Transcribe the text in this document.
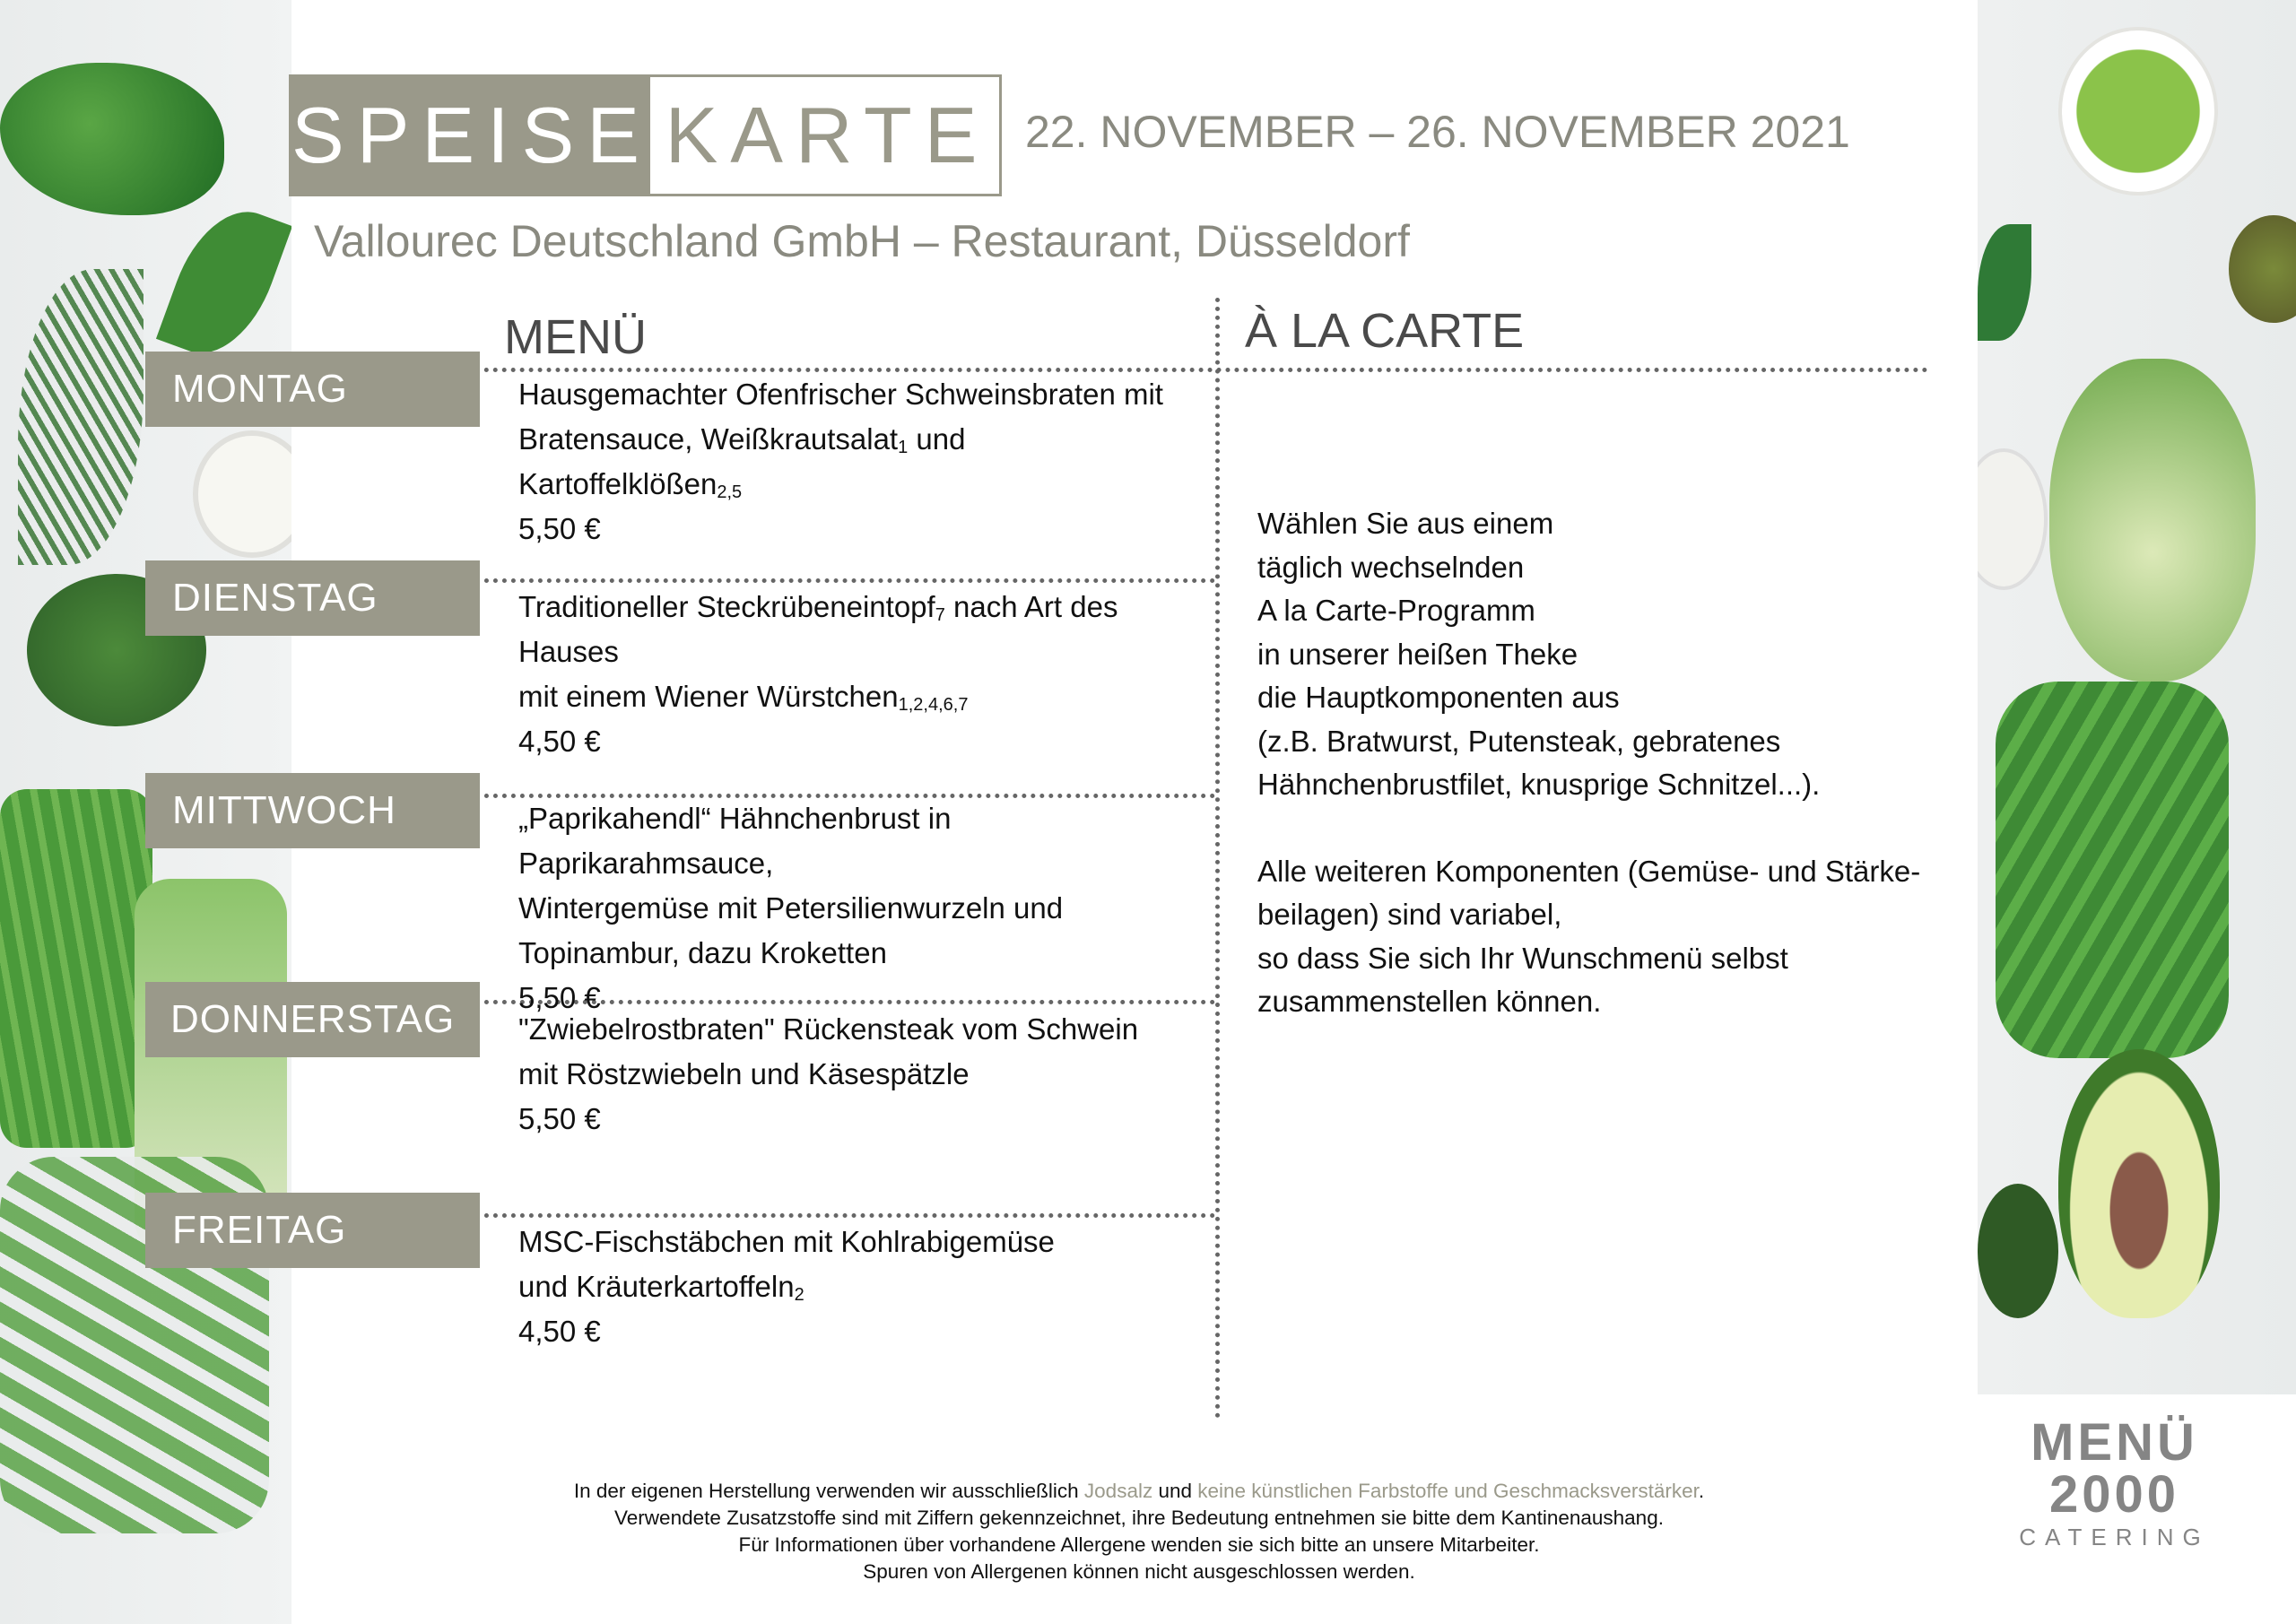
SPEISE KARTE 22. NOVEMBER – 26. NOVEMBER 2021
Vallourec Deutschland GmbH – Restaurant, Düsseldorf
MENÜ	À LA CARTE
MONTAG
DIENSTAG
MITTWOCH
DONNERSTAG
FREITAG
Hausgemachter Ofenfrischer Schweinsbraten mit
Bratensauce, Weißkrautsalat$_1$ und Kartoffelklößen$_{2,5}$
5,50 €
Traditioneller Steckrübeneintopf$_7$ nach Art des Hauses
mit einem Wiener Würstchen$_{1,2,4,6,7}$
4,50 €
„Paprikahendl“ Hähnchenbrust in Paprikarahmsauce,
Wintergemüse mit Petersilienwurzeln und
Topinambur, dazu Kroketten
5,50 €
"Zwiebelrostbraten" Rückensteak vom Schwein
mit Röstzwiebeln und Käsespätzle
5,50 €
MSC-Fischstäbchen mit Kohlrabigemüse
und Kräuterkartoffeln$_2$
4,50 €

Wählen Sie aus einem

täglich wechselnden

A la Carte-Programm

in unserer heißen Theke

die Hauptkomponenten aus

(z.B. Bratwurst, Putensteak, gebratenes

Hähnchenbrustfilet, knusprige Schnitzel...).

Alle weiteren Komponenten (Gemüse- und Stärke-

beilagen) sind variabel,

so dass Sie sich Ihr Wunschmenü selbst

zusammenstellen können.

In der eigenen Herstellung verwenden wir ausschließlich Jodsalz und keine künstlichen Farbstoffe und Geschmacksverstärker.
Verwendete Zusatzstoffe sind mit Ziffern gekennzeichnet, ihre Bedeutung entnehmen sie bitte dem Kantinenaushang.
Für Informationen über vorhandene Allergene wenden sie sich bitte an unsere Mitarbeiter.
Spuren von Allergenen können nicht ausgeschlossen werden.
MENÜ
2000
CATERING
